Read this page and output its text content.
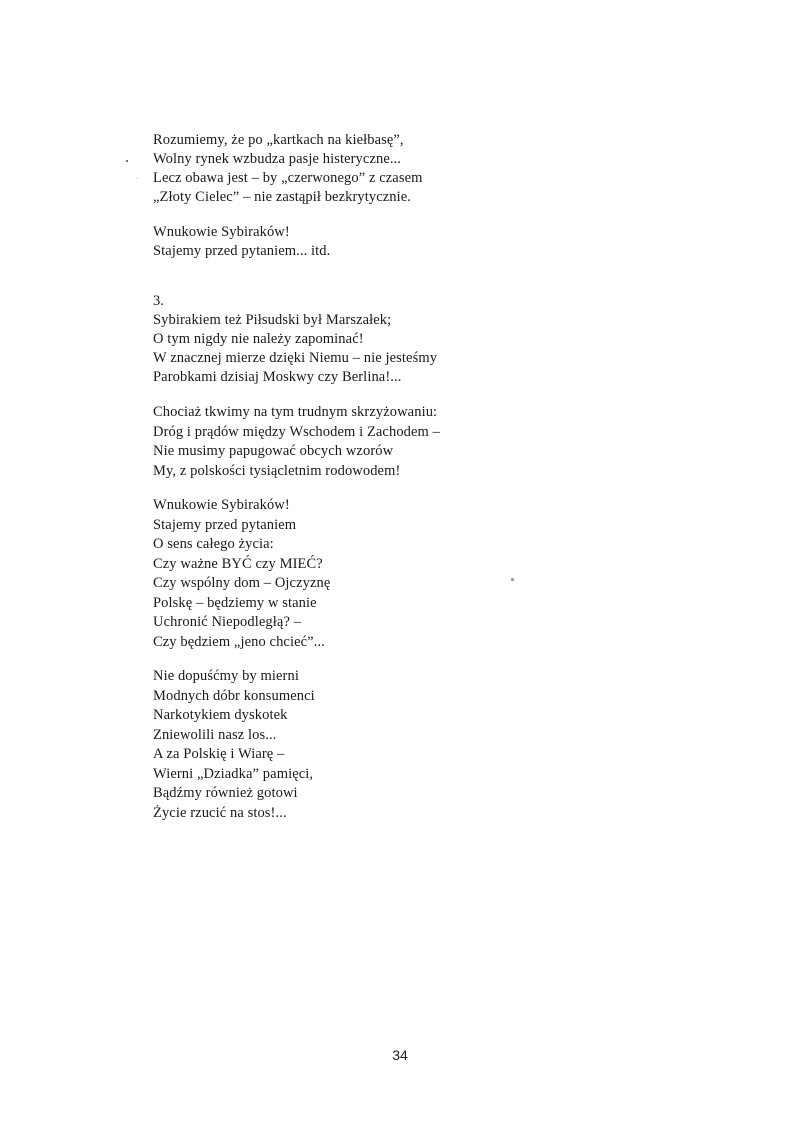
Rozumiemy, że po „kartkach na kiełbasę”,
Wolny rynek wzbudza pasje histeryczne...
Lecz obawa jest – by „czerwonego” z czasem
„Złoty Cielec” – nie zastąpił bezkrytycznie.
Wnukowie Sybiraków!
Stajemy przed pytaniem... itd.
3.
Sybirakiem też Piłsudski był Marszałek;
O tym nigdy nie należy zapominać!
W znacznej mierze dzięki Niemu – nie jesteśmy
Parobkami dzisiaj Moskwy czy Berlina!...
Chociaż tkwimy na tym trudnym skrzyżowaniu:
Dróg i prądów między Wschodem i Zachodem –
Nie musimy papugować obcych wzorów
My, z polskości tysiącletnim rodowodem!
Wnukowie Sybiraków!
Stajemy przed pytaniem
O sens całego życia:
Czy ważne BYĆ czy MIEĆ?
Czy wspólny dom – Ojczyznę
Polskę – będziemy w stanie
Uchronić Niepodległą? –
Czy będziem „jeno chcieć”...
Nie dopuśćmy by mierni
Modnych dóbr konsumenci
Narkotykiem dyskotek
Zniewolili nasz los...
A za Polskię i Wiarę –
Wierni „Dziadka” pamięci,
Bądźmy również gotowi
Życie rzucić na stos!...
34
